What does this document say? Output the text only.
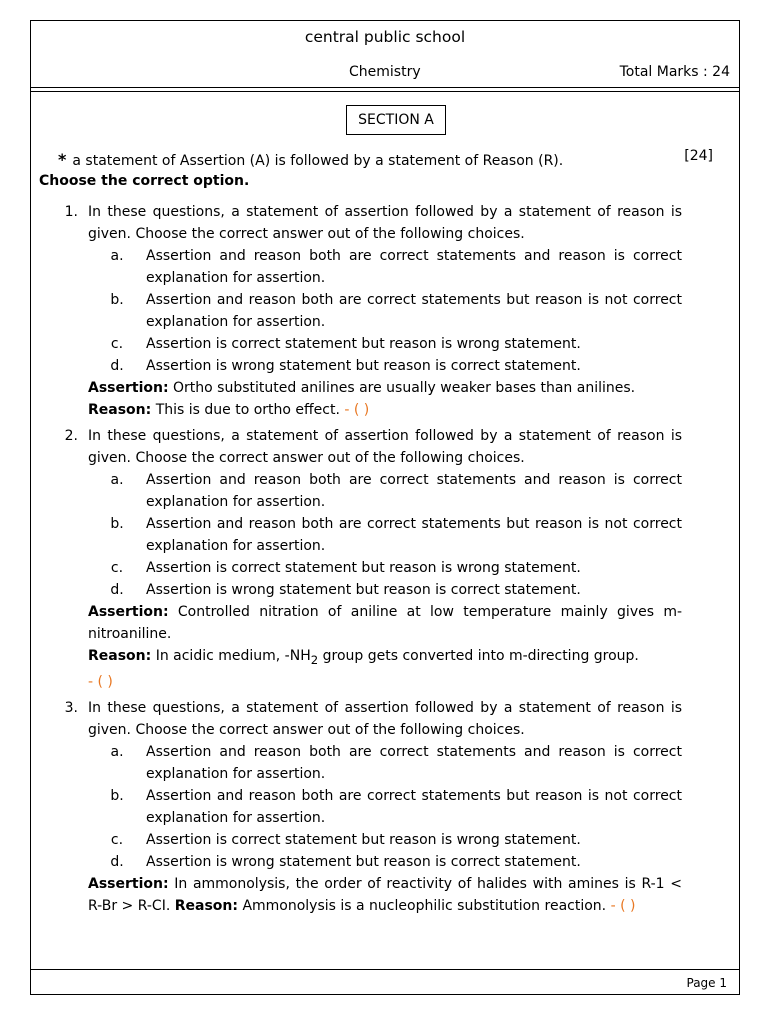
central public school
Chemistry	Total Marks : 24
SECTION A
* a statement of Assertion (A) is followed by a statement of Reason (R).	[24]
Choose the correct option.
1. In these questions, a statement of assertion followed by a statement of reason is given. Choose the correct answer out of the following choices.
a.	Assertion and reason both are correct statements and reason is correct explanation for assertion.
b.	Assertion and reason both are correct statements but reason is not correct explanation for assertion.
c.	Assertion is correct statement but reason is wrong statement.
d.	Assertion is wrong statement but reason is correct statement.
Assertion: Ortho substituted anilines are usually weaker bases than anilines.
Reason: This is due to ortho effect. - ( )
2. In these questions, a statement of assertion followed by a statement of reason is given. Choose the correct answer out of the following choices.
a.	Assertion and reason both are correct statements and reason is correct explanation for assertion.
b.	Assertion and reason both are correct statements but reason is not correct explanation for assertion.
c.	Assertion is correct statement but reason is wrong statement.
d.	Assertion is wrong statement but reason is correct statement.
Assertion: Controlled nitration of aniline at low temperature mainly gives m-nitroaniline.
Reason: In acidic medium, $-NH_2$ group gets converted into m-directing group.
- ( )
3. In these questions, a statement of assertion followed by a statement of reason is given. Choose the correct answer out of the following choices.
a.	Assertion and reason both are correct statements and reason is correct explanation for assertion.
b.	Assertion and reason both are correct statements but reason is not correct explanation for assertion.
c.	Assertion is correct statement but reason is wrong statement.
d.	Assertion is wrong statement but reason is correct statement.
Assertion: In ammonolysis, the order of reactivity of halides with amines is R-1 < R-Br > R-CI. Reason: Ammonolysis is a nucleophilic substitution reaction. - ( )
Page 1
